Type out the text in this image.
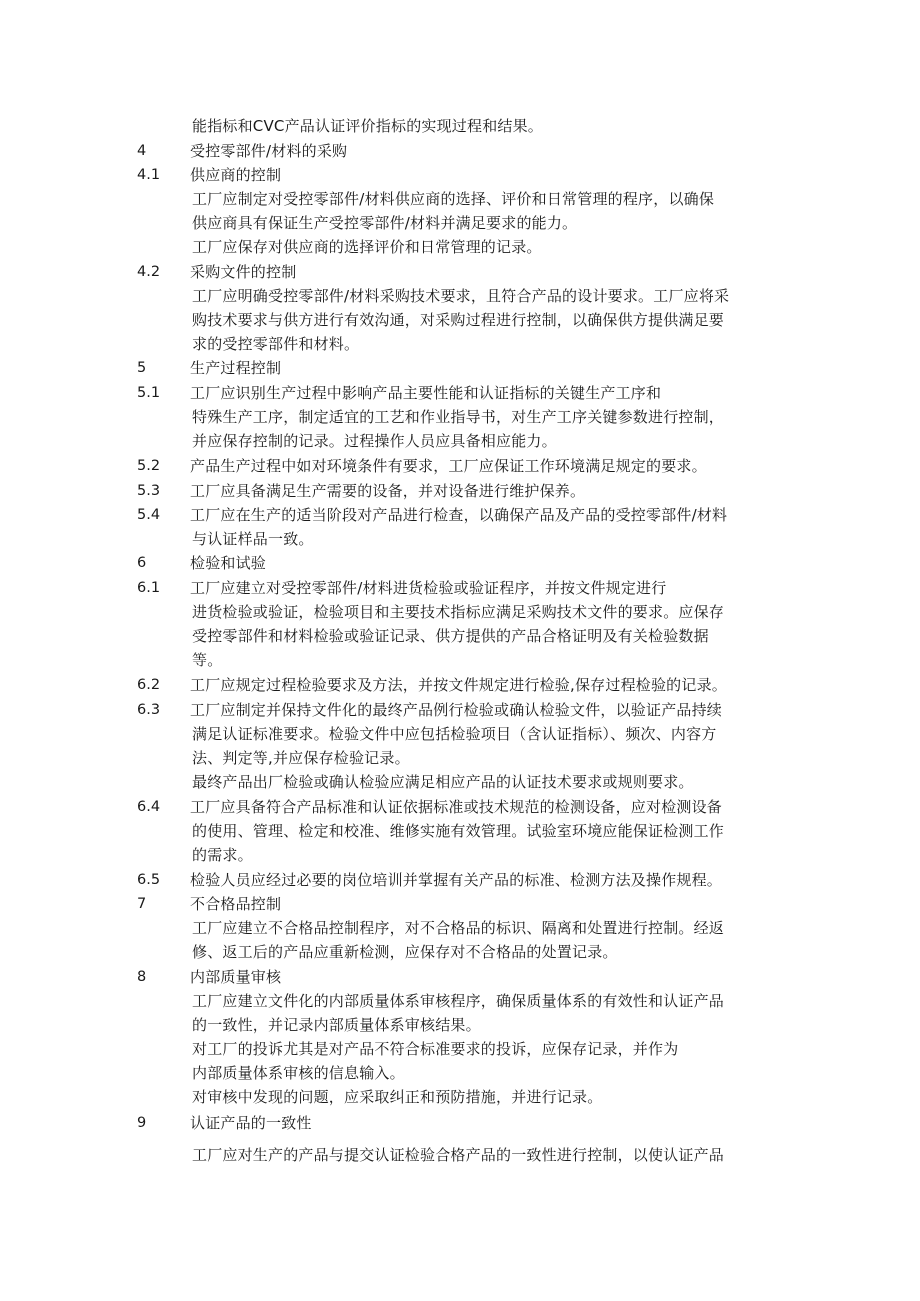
能指标和CVC产品认证评价指标的实现过程和结果。
4	受控零部件/材料的采购
4.1 供应商的控制
工厂应制定对受控零部件/材料供应商的选择、评价和日常管理的程序，以确保
供应商具有保证生产受控零部件/材料并满足要求的能力。
工厂应保存对供应商的选择评价和日常管理的记录。
4.2 采购文件的控制
工厂应明确受控零部件/材料采购技术要求，且符合产品的设计要求。工厂应将采
购技术要求与供方进行有效沟通，对采购过程进行控制，以确保供方提供满足要
求的受控零部件和材料。
5	生产过程控制
5.1 工厂应识别生产过程中影响产品主要性能和认证指标的关键生产工序和
特殊生产工序，制定适宜的工艺和作业指导书，对生产工序关键参数进行控制，
并应保存控制的记录。过程操作人员应具备相应能力。
5.2 产品生产过程中如对环境条件有要求，工厂应保证工作环境满足规定的要求。
5.3 工厂应具备满足生产需要的设备，并对设备进行维护保养。
5.4 工厂应在生产的适当阶段对产品进行检查，以确保产品及产品的受控零部件/材料
与认证样品一致。
6	检验和试验
6.1 工厂应建立对受控零部件/材料进货检验或验证程序，并按文件规定进行
进货检验或验证，检验项目和主要技术指标应满足采购技术文件的要求。应保存
受控零部件和材料检验或验证记录、供方提供的产品合格证明及有关检验数据
等。
6.2 工厂应规定过程检验要求及方法，并按文件规定进行检验,保存过程检验的记录。
6.3 工厂应制定并保持文件化的最终产品例行检验或确认检验文件，以验证产品持续
满足认证标准要求。检验文件中应包括检验项目（含认证指标）、频次、内容方
法、判定等,并应保存检验记录。
最终产品出厂检验或确认检验应满足相应产品的认证技术要求或规则要求。
6.4 工厂应具备符合产品标准和认证依据标准或技术规范的检测设备，应对检测设备
的使用、管理、检定和校准、维修实施有效管理。试验室环境应能保证检测工作
的需求。
6.5 检验人员应经过必要的岗位培训并掌握有关产品的标准、检测方法及操作规程。
7	不合格品控制
工厂应建立不合格品控制程序，对不合格品的标识、隔离和处置进行控制。经返
修、返工后的产品应重新检测，应保存对不合格品的处置记录。
8	内部质量审核
工厂应建立文件化的内部质量体系审核程序，确保质量体系的有效性和认证产品
的一致性，并记录内部质量体系审核结果。
对工厂的投诉尤其是对产品不符合标准要求的投诉，应保存记录，并作为
内部质量体系审核的信息输入。
对审核中发现的问题，应采取纠正和预防措施，并进行记录。
9	认证产品的一致性
工厂应对生产的产品与提交认证检验合格产品的一致性进行控制，以使认证产品
